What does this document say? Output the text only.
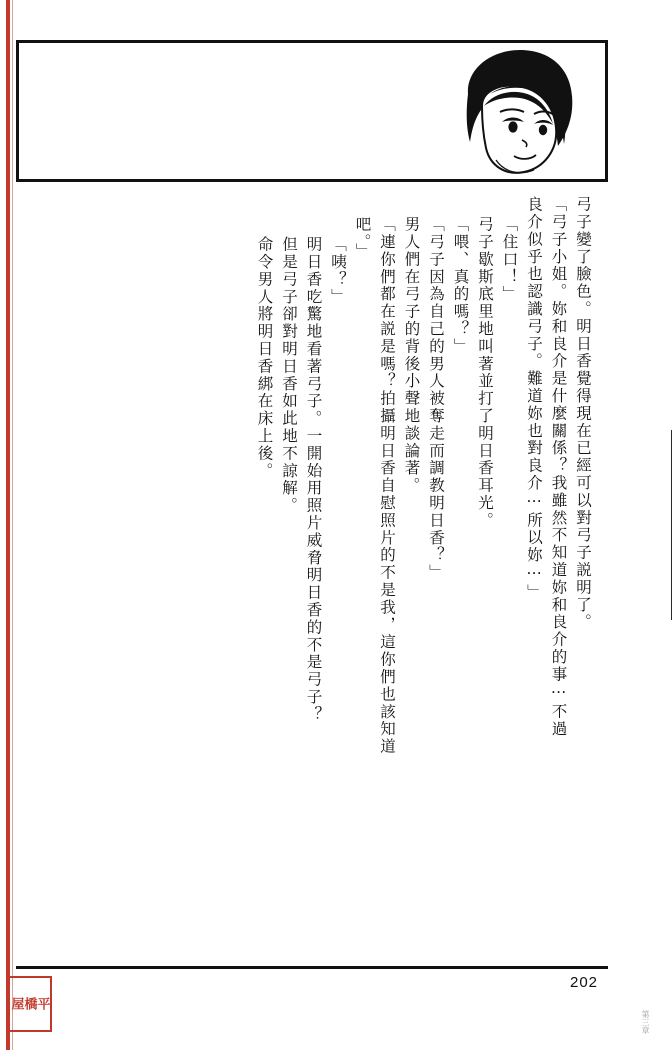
命令男人將明日香綁在床上後。 但是弓子卻對明日香如此地不諒解。 明日香吃驚地看著弓子。一開始用照片威脅明日香的不是弓子？ 「咦？」 吧。」 「連你們都在説是嗎？拍攝明日香自慰照片的不是我，這你們也該知道 男人們在弓子的背後小聲地談論著。 「弓子因為自己的男人被奪走而調教明日香？」 「喂、真的嗎？」 弓子歇斯底里地叫著並打了明日香耳光。 「住口！」 良介似乎也認識弓子。難道妳也對良介⋯所以妳⋯」 「弓子小姐。妳和良介是什麼關係？我雖然不知道妳和良介的事⋯不過 弓子變了臉色。明日香覺得現在已經可以對弓子説明了。
202
平
橋
屋
第三章
